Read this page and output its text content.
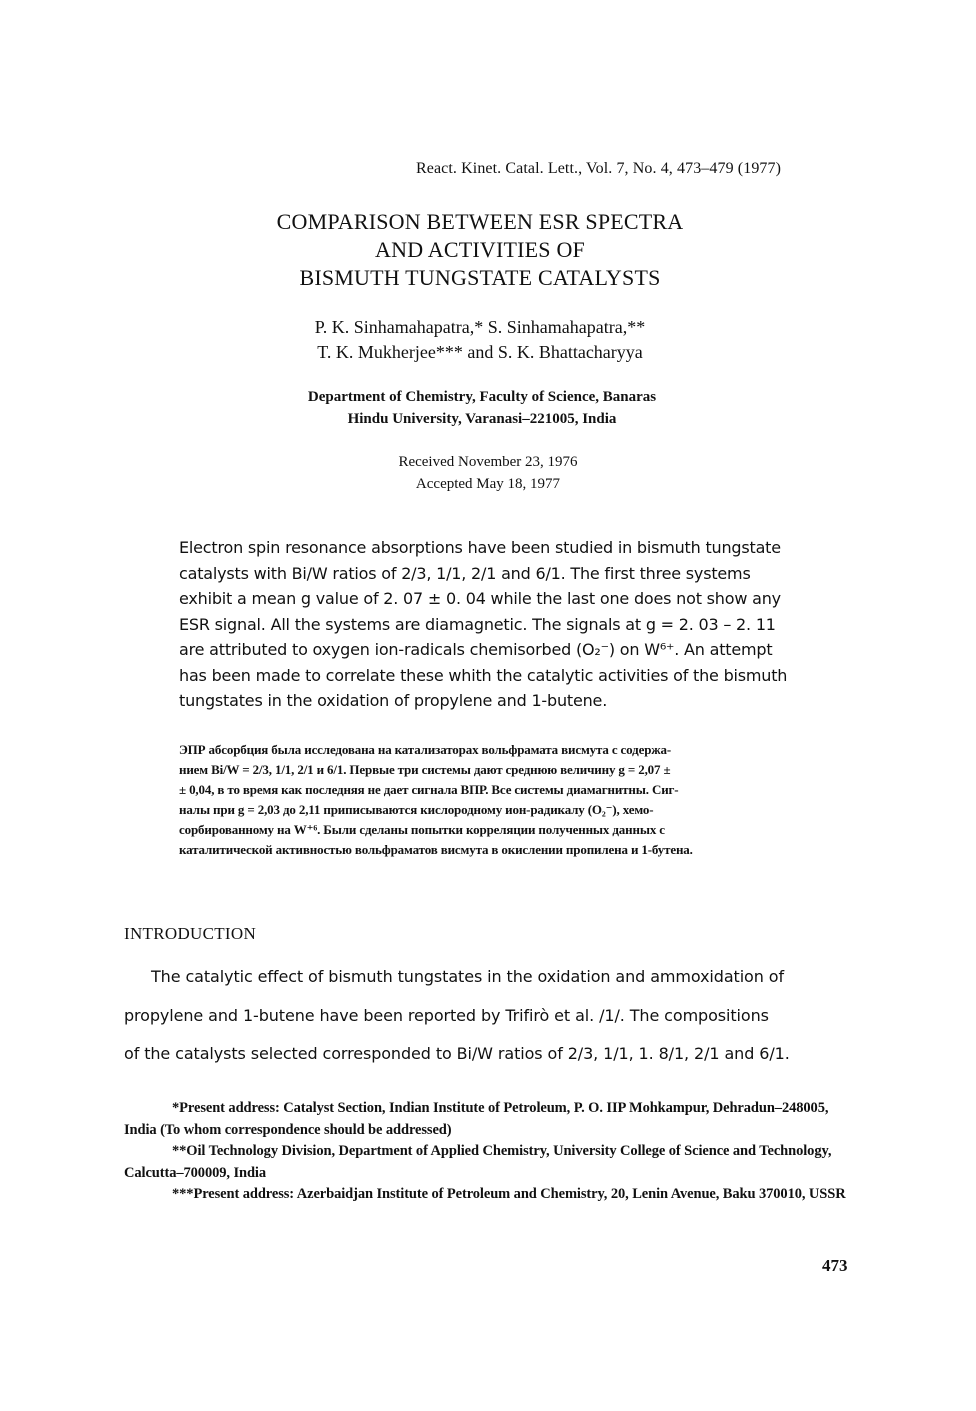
React. Kinet. Catal. Lett., Vol. 7, No. 4, 473–479 (1977)
COMPARISON BETWEEN ESR SPECTRA
AND ACTIVITIES OF
BISMUTH TUNGSTATE CATALYSTS
P. K. Sinhamahapatra,* S. Sinhamahapatra,**
T. K. Mukherjee*** and S. K. Bhattacharyya
Department of Chemistry, Faculty of Science, Banaras
Hindu University, Varanasi–221005, India
Received November 23, 1976
Accepted May 18, 1977
Electron spin resonance absorptions have been studied in bismuth tungstate
catalysts with Bi/W ratios of 2/3, 1/1, 2/1 and 6/1. The first three systems
exhibit a mean g value of 2. 07 ± 0. 04 while the last one does not show any
ESR signal. All the systems are diamagnetic. The signals at g = 2. 03 – 2. 11
are attributed to oxygen ion-radicals chemisorbed (O₂⁻) on W⁶⁺. An attempt
has been made to correlate these whith the catalytic activities of the bismuth
tungstates in the oxidation of propylene and 1-butene.
ЭПР абсорбция была исследована на катализаторах вольфрамата висмута с содержа-
нием Bi/W = 2/3, 1/1, 2/1 и 6/1. Первые три системы дают среднюю величину g = 2,07 ±
± 0,04, в то время как последняя не дает сигнала ВПР. Все системы диамагнитны. Сиг-
налы при g = 2,03 до 2,11 приписываются кислородному ион-радикалу (O₂⁻), хемо-
сорбированному на W⁺⁶. Были сделаны попытки корреляции полученных данных с
каталитической активностью вольфраматов висмута в окислении пропилена и 1-бутена.
INTRODUCTION
The catalytic effect of bismuth tungstates in the oxidation and ammoxidation of
propylene and 1-butene have been reported by Trifirò et al. /1/. The compositions
of the catalysts selected corresponded to Bi/W ratios of 2/3, 1/1, 1. 8/1, 2/1 and 6/1.

*Present address: Catalyst Section, Indian Institute of Petroleum, P. O. IIP Mohkampur, Dehradun–248005, India (To whom correspondence should be addressed)

**Oil Technology Division, Department of Applied Chemistry, University College of Science and Technology, Calcutta–700009, India

***Present address: Azerbaidjan Institute of Petroleum and Chemistry, 20, Lenin Avenue, Baku 370010, USSR

473
